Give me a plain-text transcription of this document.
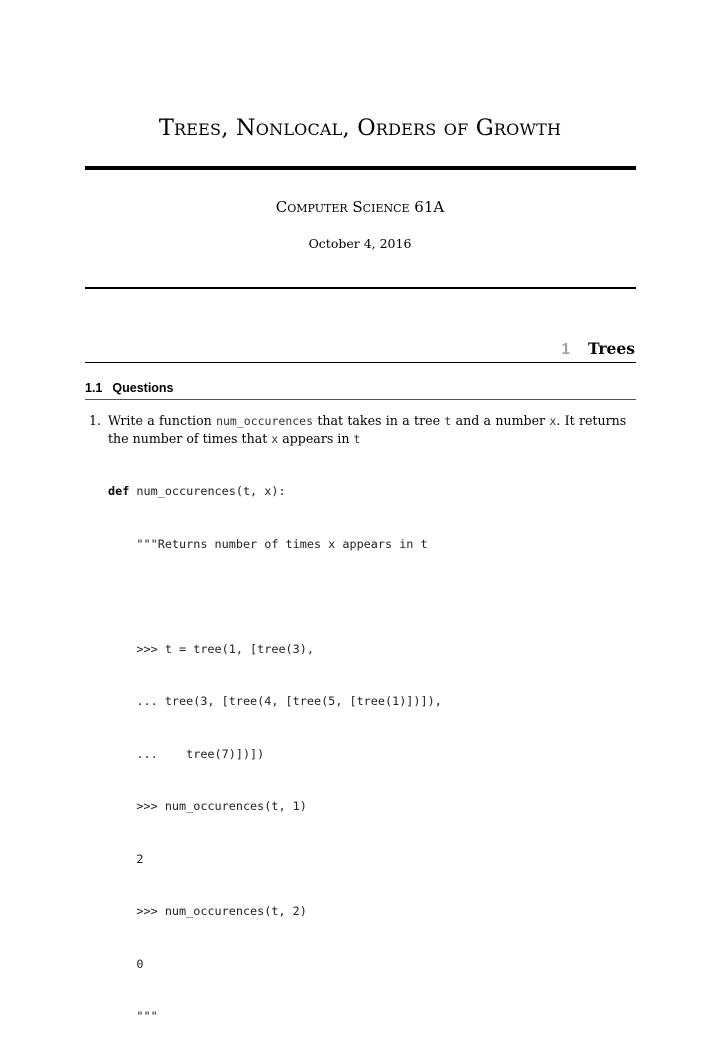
Trees, Nonlocal, Orders of Growth
Computer Science 61A
October 4, 2016
1 Trees
1.1 Questions
1. Write a function num_occurences that takes in a tree t and a number x. It returns
the number of times that x appears in t

def num_occurences(t, x):

"""Returns number of times x appears in t

>>> t = tree(1, [tree(3),

... tree(3, [tree(4, [tree(5, [tree(1)])]),

...    tree(7)])])

>>> num_occurences(t, 1)

2

>>> num_occurences(t, 2)

0

"""
